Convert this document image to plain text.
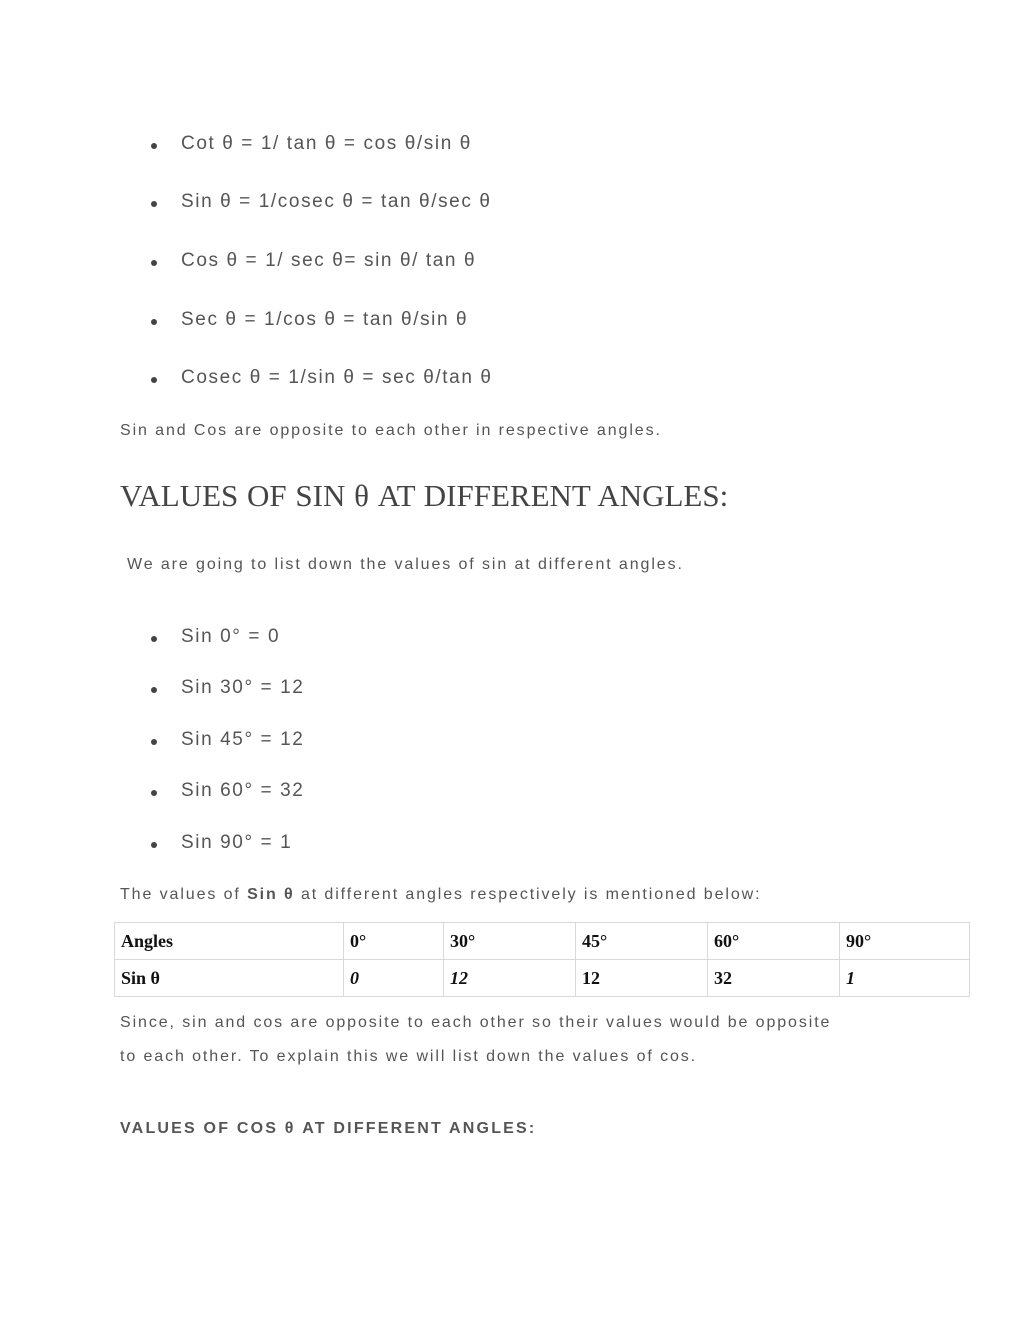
Cot θ = 1/ tan θ = cos θ/sin θ
Sin θ = 1/cosec θ = tan θ/sec θ
Cos θ = 1/ sec θ= sin θ/ tan θ
Sec θ = 1/cos θ = tan θ/sin θ
Cosec θ = 1/sin θ = sec θ/tan θ
Sin and Cos are opposite to each other in respective angles.
VALUES OF SIN θ AT DIFFERENT ANGLES:
We are going to list down the values of sin at different angles.
Sin 0° = 0
Sin 30° = 12
Sin 45° = 12
Sin 60° = 32
Sin 90° = 1
The values of Sin θ at different angles respectively is mentioned below:
Angles	0°	30°	45°	60°	90°
Sin θ	0	12	12	32	1
Since, sin and cos are opposite to each other so their values would be opposite
to each other. To explain this we will list down the values of cos.
VALUES OF COS θ AT DIFFERENT ANGLES:
